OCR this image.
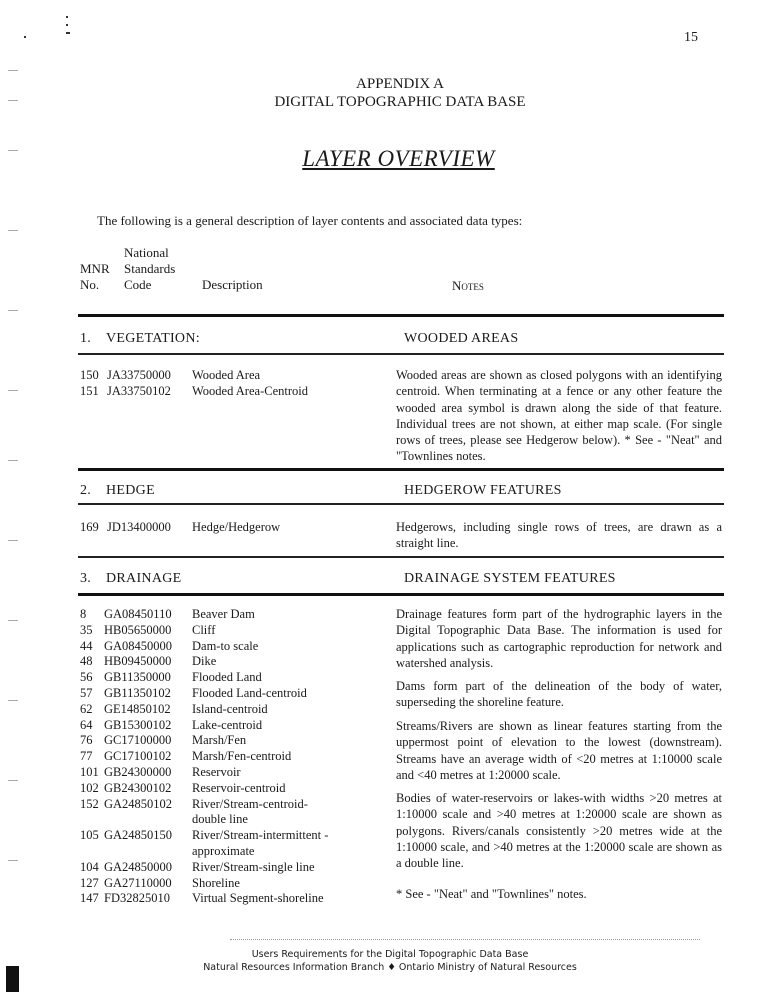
15
APPENDIX A
DIGITAL TOPOGRAPHIC DATA BASE
LAYER OVERVIEW
The following is a general description of layer contents and associated data types:
National
MNR Standards
No. Code	Description	Notes
1. VEGETATION:	WOODED AREAS
150 JA33750000 Wooded Area
151 JA33750102 Wooded Area-Centroid
Wooded areas are shown as closed polygons with an identifying centroid. When terminating at a fence or any other feature the wooded area symbol is drawn along the side of that feature. Individual trees are not shown, at either map scale. (For single rows of trees, please see Hedgerow below). * See - "Neat" and "Townlines notes.
2. HEDGE	HEDGEROW FEATURES
169 JD13400000 Hedge/Hedgerow	Hedgerows, including single rows of trees, are drawn as a straight line.
3. DRAINAGE	DRAINAGE SYSTEM FEATURES
8 GA08450110 Beaver Dam
35 HB05650000 Cliff
44 GA08450000 Dam-to scale
48 HB09450000 Dike
56 GB11350000 Flooded Land
57 GB11350102 Flooded Land-centroid
62 GE14850102 Island-centroid
64 GB15300102 Lake-centroid
76 GC17100000 Marsh/Fen
77 GC17100102 Marsh/Fen-centroid
101 GB24300000 Reservoir
102 GB24300102 Reservoir-centroid
152 GA24850102 River/Stream-centroid-
double line
105 GA24850150 River/Stream-intermittent -
approximate
104 GA24850000 River/Stream-single line
127 GA27110000 Shoreline
147 FD32825010 Virtual Segment-shoreline
Drainage features form part of the hydrographic layers in the Digital Topographic Data Base. The information is used for applications such as cartographic reproduction for network and watershed analysis.
Dams form part of the delineation of the body of water, superseding the shoreline feature.
Streams/Rivers are shown as linear features starting from the uppermost point of elevation to the lowest (downstream). Streams have an average width of <20 metres at 1:10000 scale and <40 metres at 1:20000 scale.
Bodies of water-reservoirs or lakes-with widths >20 metres at 1:10000 scale and >40 metres at 1:20000 scale are shown as polygons. Rivers/canals consistently >20 metres wide at the 1:10000 scale, and >40 metres at the 1:20000 scale are shown as a double line.
* See - "Neat" and "Townlines" notes.
Users Requirements for the Digital Topographic Data Base
Natural Resources Information Branch ♦ Ontario Ministry of Natural Resources
